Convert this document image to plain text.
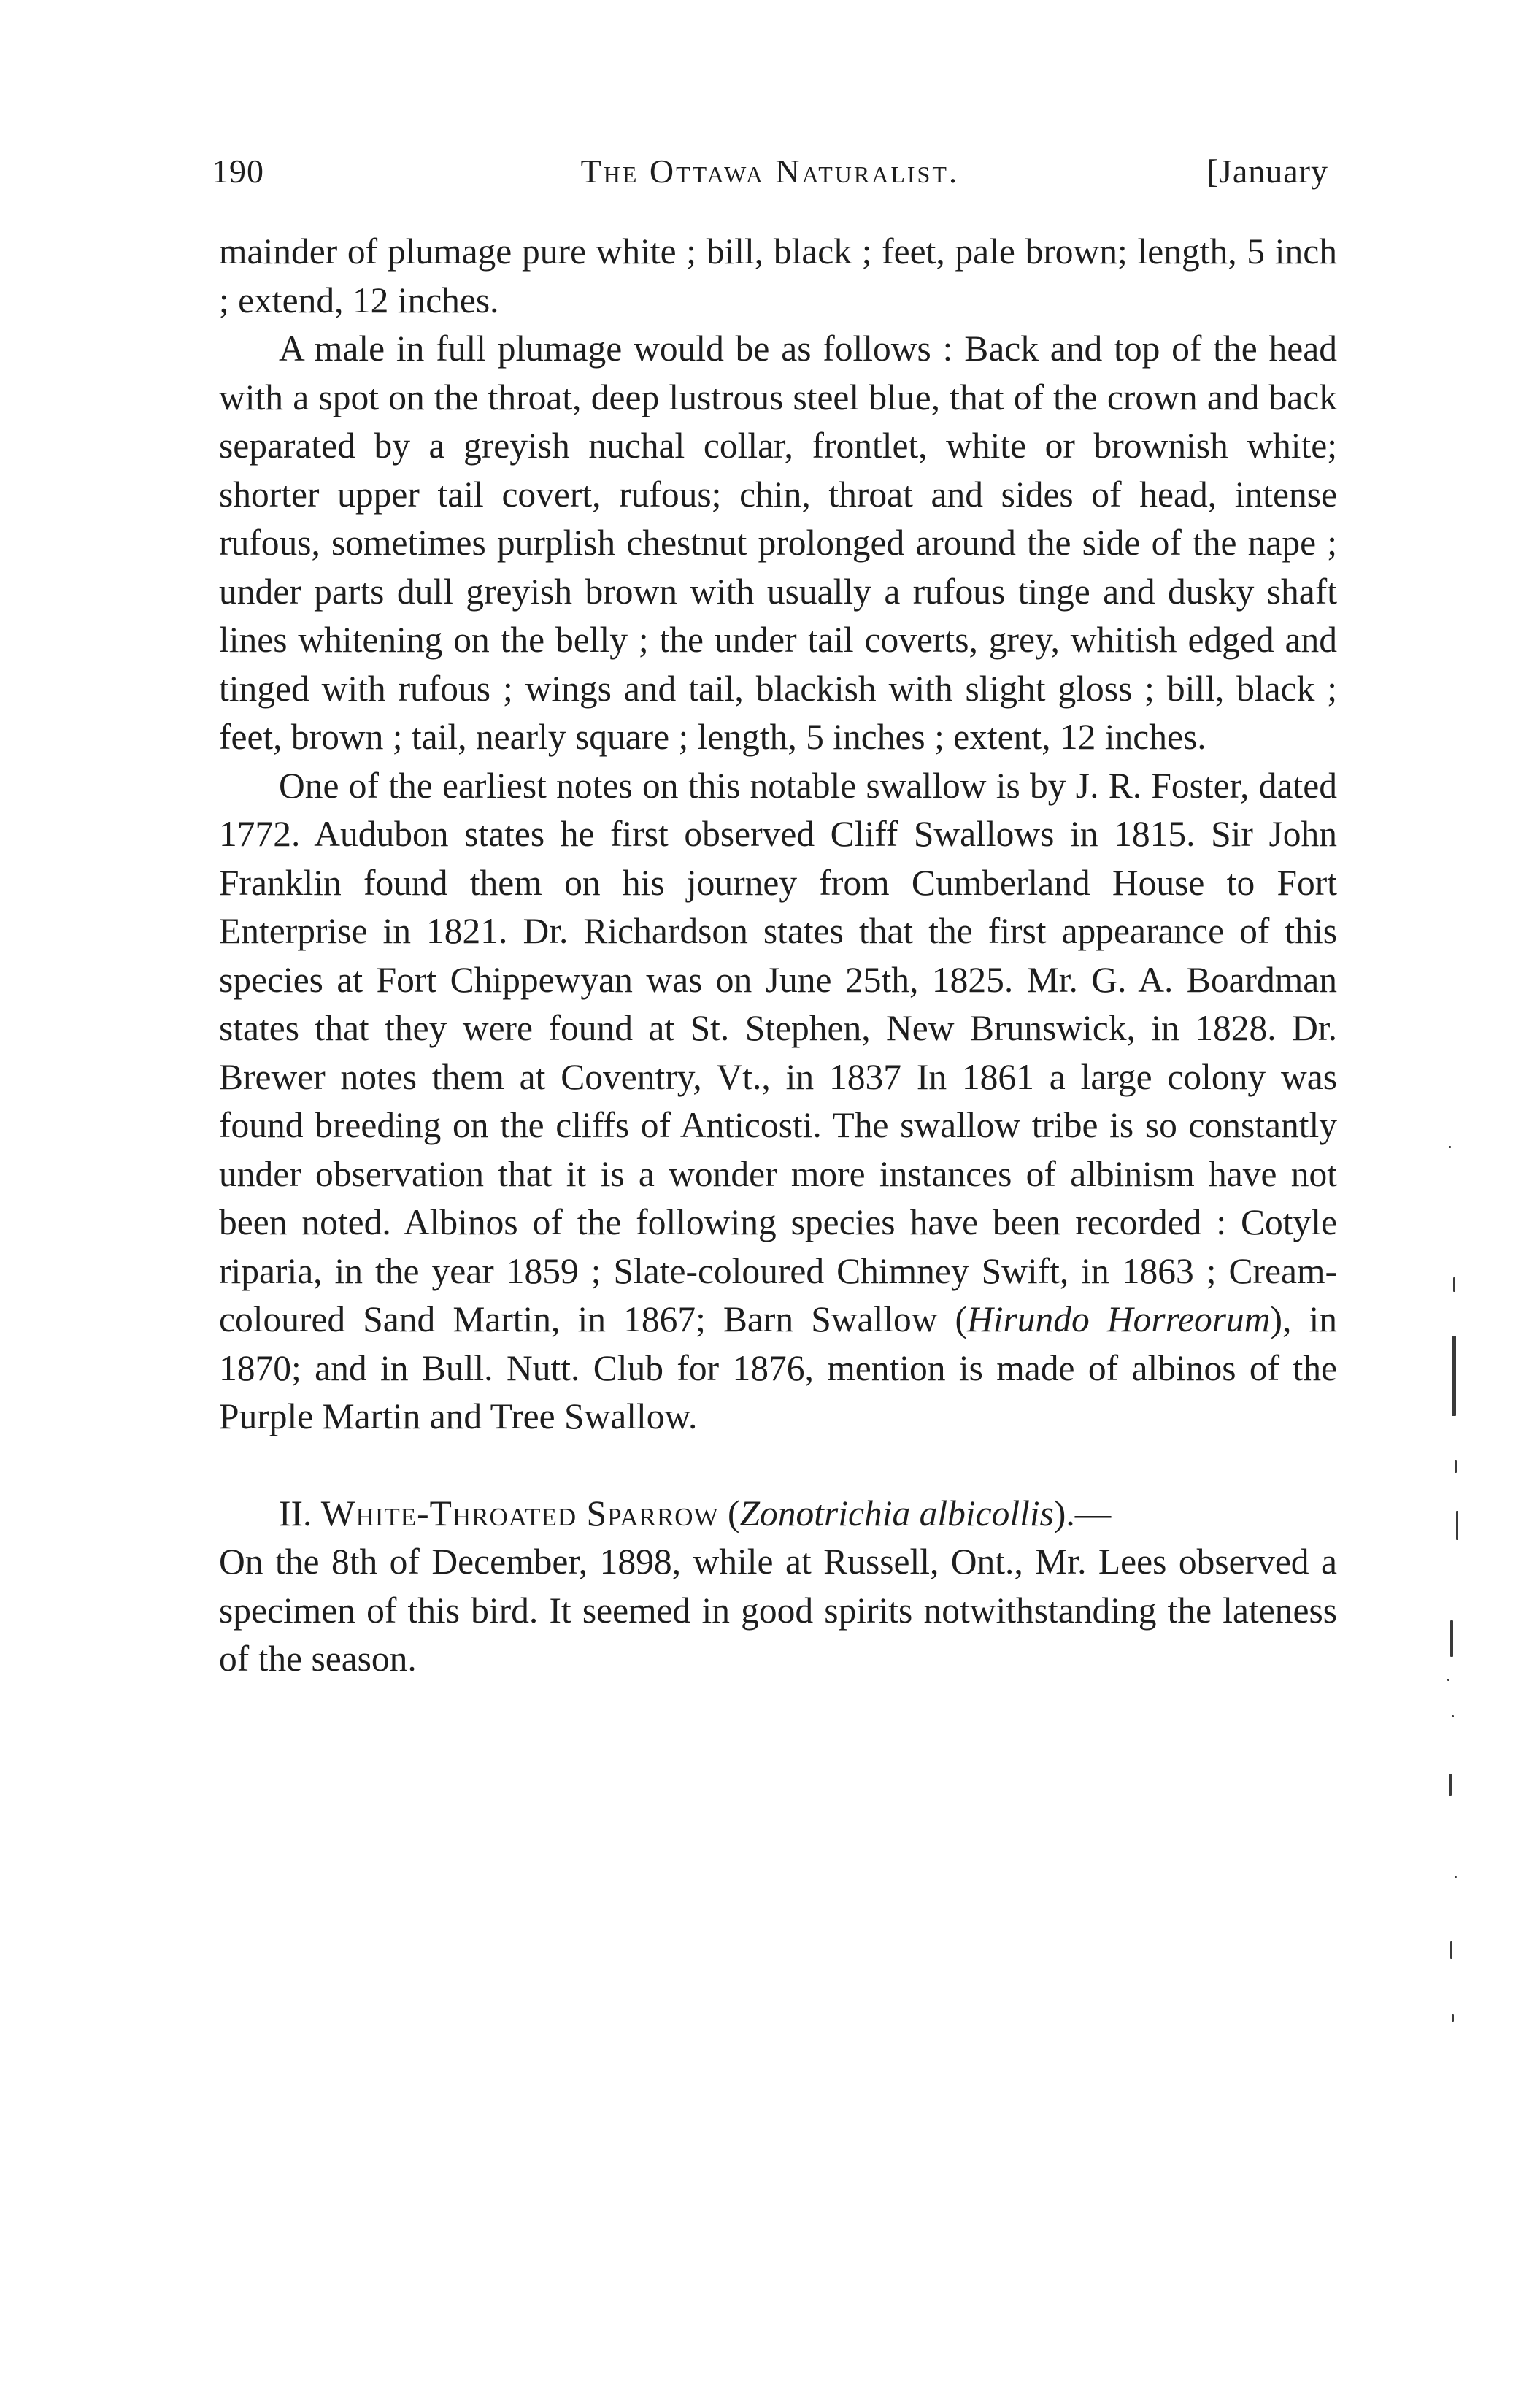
190	The Ottawa Naturalist.	[January

mainder of plumage pure white ; bill, black ; feet, pale brown; length, 5 inch ; extend, 12 inches.

A male in full plumage would be as follows : Back and top of the head with a spot on the throat, deep lustrous steel blue, that of the crown and back separated by a greyish nuchal collar, frontlet, white or brownish white; shorter upper tail covert, rufous; chin, throat and sides of head, intense rufous, sometimes purplish chestnut prolonged around the side of the nape ; under parts dull greyish brown with usually a rufous tinge and dusky shaft lines whitening on the belly ; the under tail coverts, grey, whitish edged and tinged with rufous ; wings and tail, blackish with slight gloss ; bill, black ; feet, brown ; tail, nearly square ; length, 5 inches ; extent, 12 inches.

One of the earliest notes on this notable swallow is by J. R. Foster, dated 1772. Audubon states he first observed Cliff Swallows in 1815. Sir John Franklin found them on his journey from Cumberland House to Fort Enterprise in 1821. Dr. Richardson states that the first appearance of this species at Fort Chippewyan was on June 25th, 1825. Mr. G. A. Boardman states that they were found at St. Stephen, New Brunswick, in 1828. Dr. Brewer notes them at Coventry, Vt., in 1837 In 1861 a large colony was found breeding on the cliffs of Anticosti. The swallow tribe is so constantly under observation that it is a wonder more instances of albinism have not been noted. Albinos of the following species have been recorded : Cotyle riparia, in the year 1859 ; Slate-coloured Chimney Swift, in 1863 ; Cream-coloured Sand Martin, in 1867; Barn Swallow (Hirundo Horreorum), in 1870; and in Bull. Nutt. Club for 1876, mention is made of albinos of the Purple Martin and Tree Swallow.

II. White-Throated Sparrow (Zonotrichia albicollis).—
On the 8th of December, 1898, while at Russell, Ont., Mr. Lees observed a specimen of this bird. It seemed in good spirits notwithstanding the lateness of the season.
